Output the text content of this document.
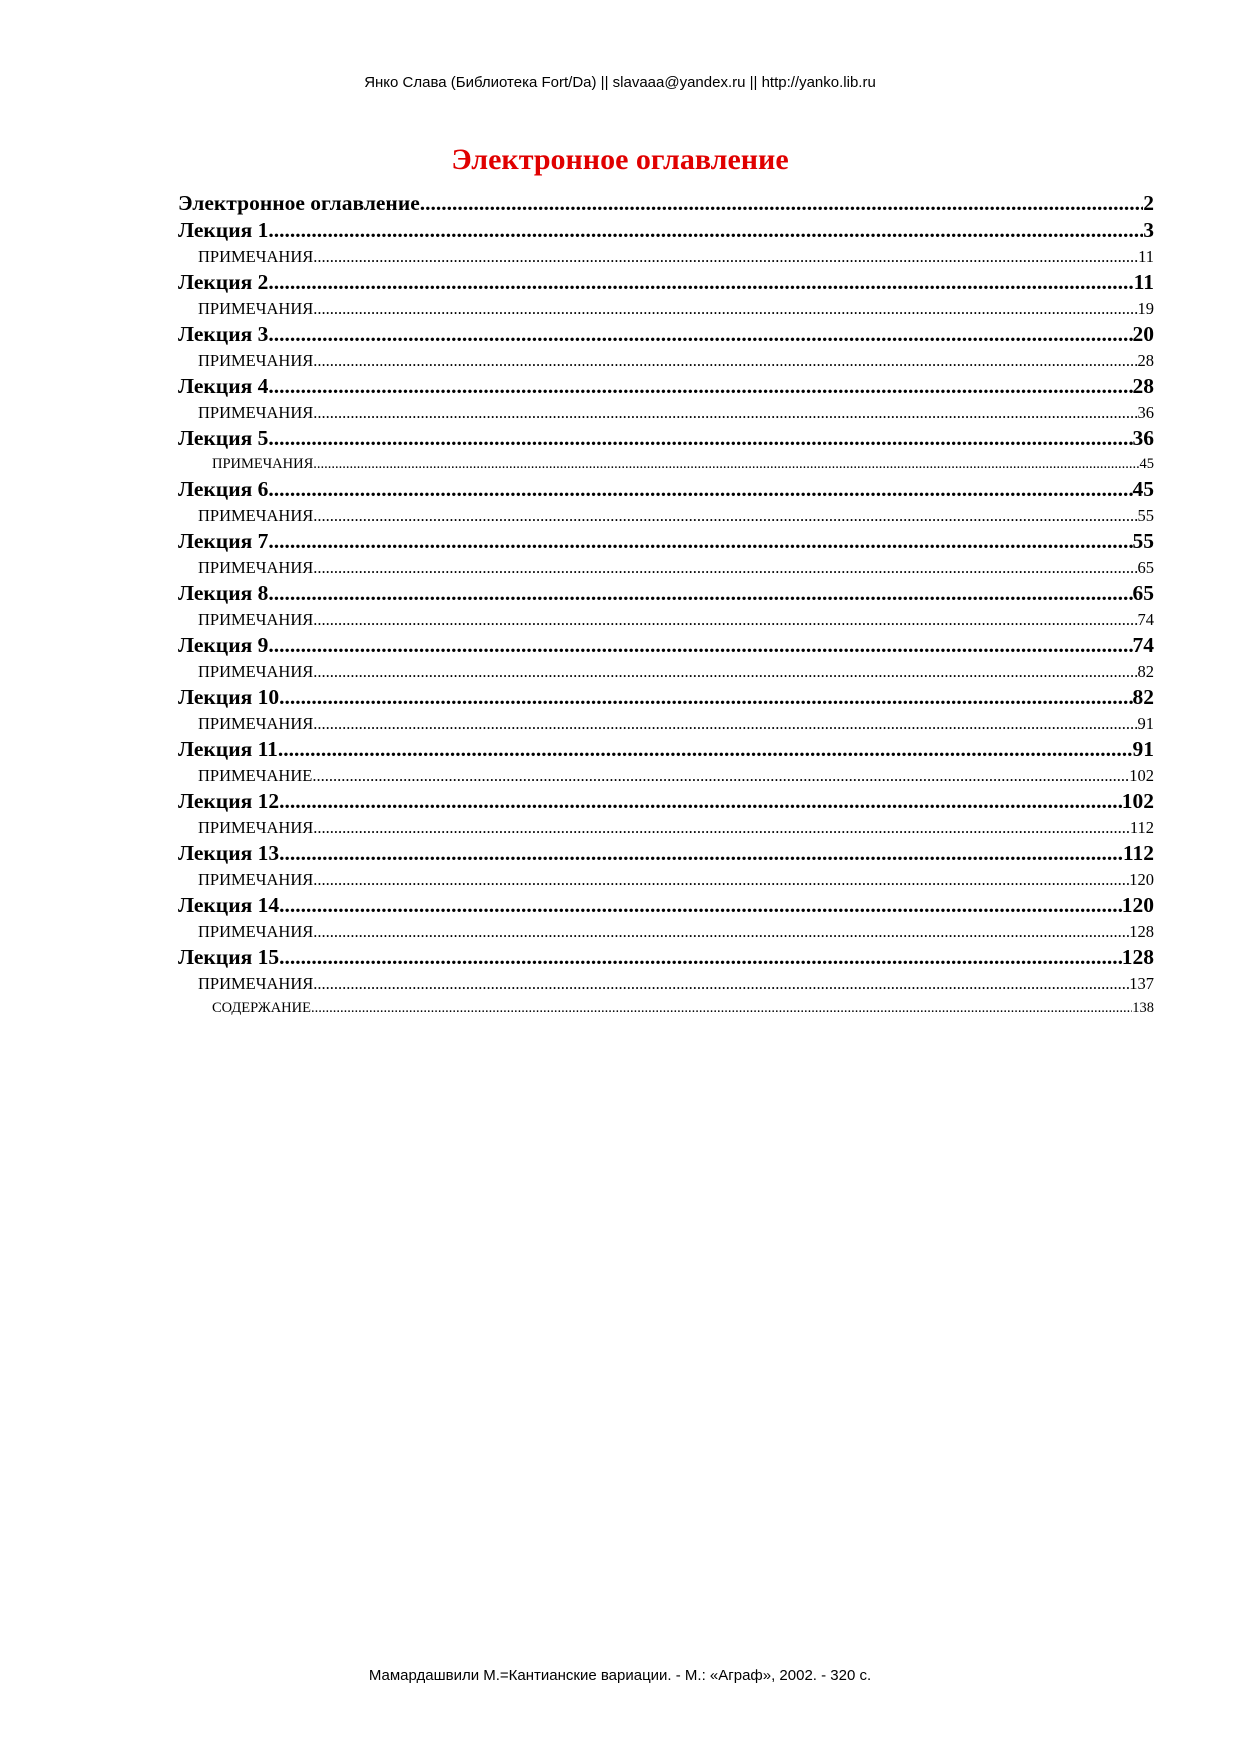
Янко Слава (Библиотека Fort/Da) || slavaaa@yandex.ru || http://yanko.lib.ru
Электронное оглавление
Электронное оглавление .....	2
Лекция 1 .....	3
ПРИМЕЧАНИЯ .....	11
Лекция 2 .....	11
ПРИМЕЧАНИЯ .....	19
Лекция 3 .....	20
ПРИМЕЧАНИЯ .....	28
Лекция 4 .....	28
ПРИМЕЧАНИЯ .....	36
Лекция 5 .....	36
ПРИМЕЧАНИЯ .....	45
Лекция 6 .....	45
ПРИМЕЧАНИЯ .....	55
Лекция 7 .....	55
ПРИМЕЧАНИЯ .....	65
Лекция 8 .....	65
ПРИМЕЧАНИЯ .....	74
Лекция 9 .....	74
ПРИМЕЧАНИЯ .....	82
Лекция 10 .....	82
ПРИМЕЧАНИЯ .....	91
Лекция 11 .....	91
ПРИМЕЧАНИЕ .....	102
Лекция 12 .....	102
ПРИМЕЧАНИЯ .....	112
Лекция 13 .....	112
ПРИМЕЧАНИЯ .....	120
Лекция 14 .....	120
ПРИМЕЧАНИЯ .....	128
Лекция 15 .....	128
ПРИМЕЧАНИЯ .....	137
СОДЕРЖАНИЕ .....	138
Мамардашвили М.=Кантианские вариации. - М.: «Аграф», 2002. - 320 с.
